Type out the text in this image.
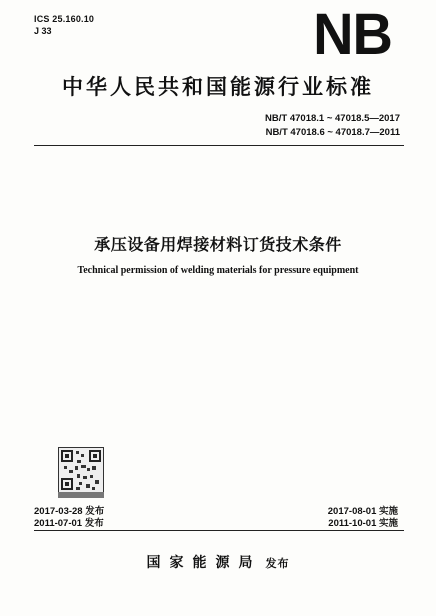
ICS 25.160.10
J 33	NB
中华人民共和国能源行业标准
NB/T 47018.1 ~ 47018.5—2017
NB/T 47018.6 ~ 47018.7—2011
承压设备用焊接材料订货技术条件
Technical permission of welding materials for pressure equipment
2017-03-28 发布
2011-07-01 发布
2017-08-01 实施
2011-10-01 实施
国家能源局 发布
